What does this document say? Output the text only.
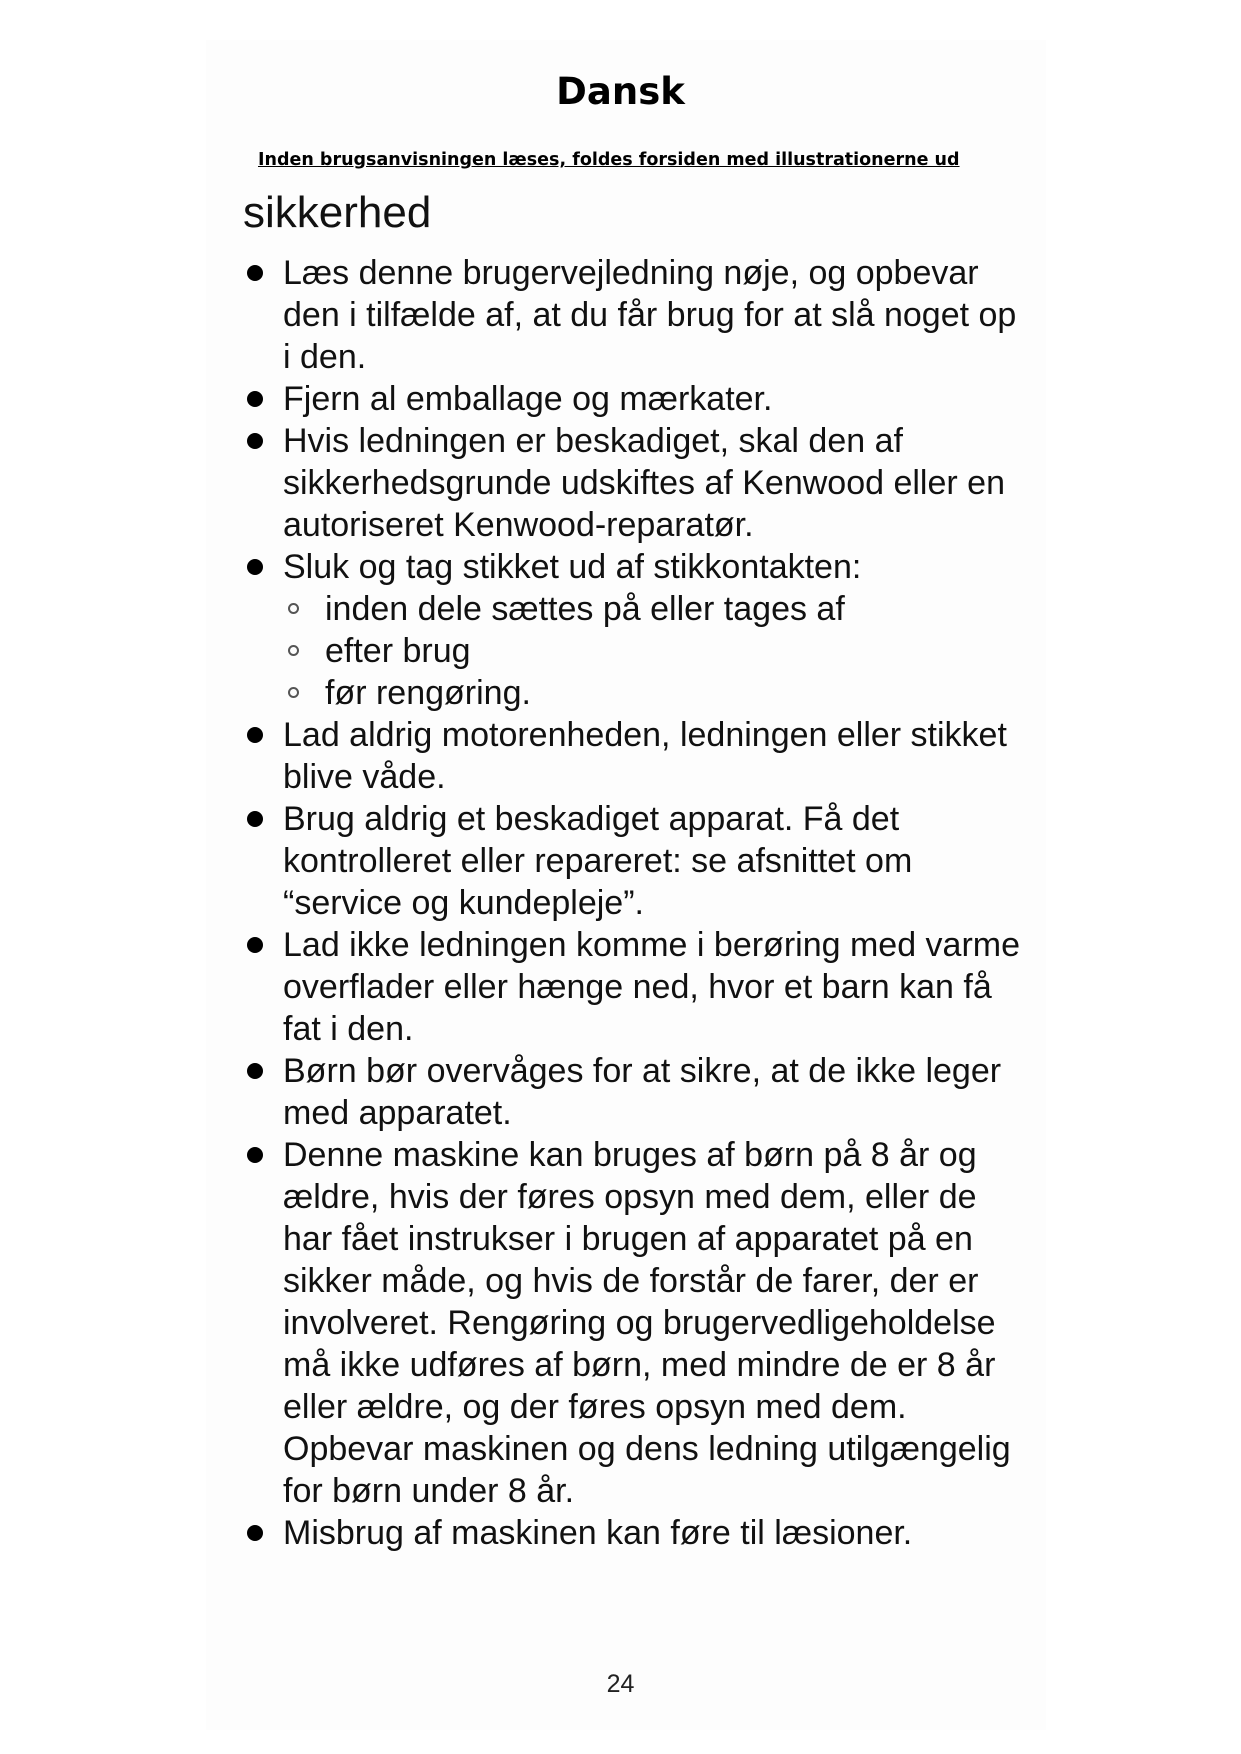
Dansk
Inden brugsanvisningen læses, foldes forsiden med illustrationerne ud
sikkerhed
Læs denne brugervejledning nøje, og opbevar den i tilfælde af, at du får brug for at slå noget op i den.
Fjern al emballage og mærkater.
Hvis ledningen er beskadiget, skal den af sikkerhedsgrunde udskiftes af Kenwood eller en autoriseret Kenwood-reparatør.
Sluk og tag stikket ud af stikkontakten:
inden dele sættes på eller tages af
efter brug
før rengøring.
Lad aldrig motorenheden, ledningen eller stikket blive våde.
Brug aldrig et beskadiget apparat. Få det kontrolleret eller repareret: se afsnittet om “service og kundepleje”.
Lad ikke ledningen komme i berøring med varme overflader eller hænge ned, hvor et barn kan få fat i den.
Børn bør overvåges for at sikre, at de ikke leger med apparatet.
Denne maskine kan bruges af børn på 8 år og ældre, hvis der føres opsyn med dem, eller de har fået instrukser i brugen af apparatet på en sikker måde, og hvis de forstår de farer, der er involveret. Rengøring og brugervedligeholdelse må ikke udføres af børn, med mindre de er 8 år eller ældre, og der føres opsyn med dem. Opbevar maskinen og dens ledning utilgængelig for børn under 8 år.
Misbrug af maskinen kan føre til læsioner.
24
